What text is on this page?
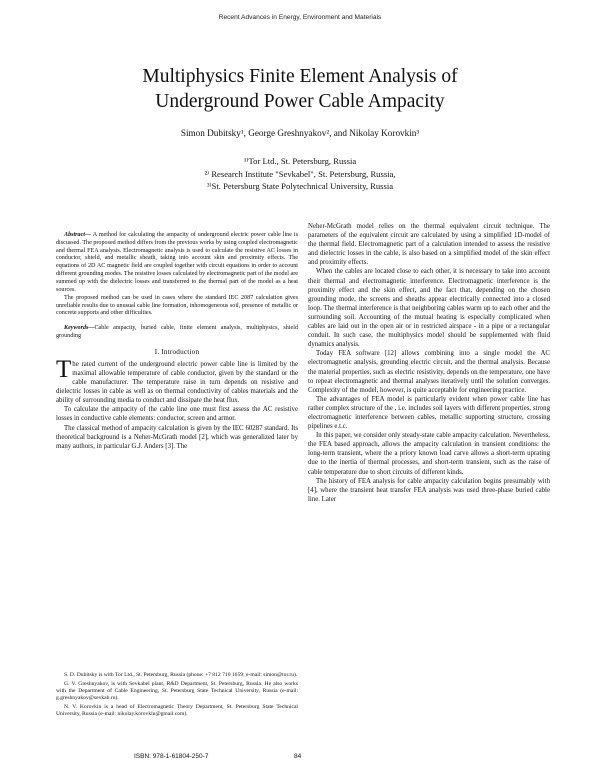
Recent Advances in Energy, Environment and Materials
Multiphysics Finite Element Analysis of
Underground Power Cable Ampacity
Simon Dubitsky¹, George Greshnyakov², and Nikolay Korovkin³
¹⁾Tor Ltd., St. Petersburg, Russia
²⁾ Research Institute "Sevkabel", St. Petersburg, Russia,
³⁾St. Petersburg State Polytechnical University, Russia

Abstract— A method for calculating the ampacity of underground electric power cable line is discussed. The proposed method differs from the previous works by using coupled electromagnetic and thermal FEA analysis. Electromagnetic analysis is used to calculate the resistive AC losses in conductor, shield, and metallic sheath, taking into account skin and proximity effects. The equations of 2D AC magnetic field are coupled together with circuit equations in order to account different grounding modes. The resistive losses calculated by electromagnetic part of the model are summed up with the dielectric losses and transferred to the thermal part of the model as a heat sources.

The proposed method can be used in cases where the standard IEC 2087 calculation gives unreliable results due to unusual cable line formation, inhomogeneous soil, presence of metallic or concrete supports and other difficulties.

Keywords—Cable ampacity, buried cable, finite element analysis, multiphysics, shield grounding
I. Introduction

The rated current of the underground electric power cable line is limited by the maximal allowable temperature of cable conductor, given by the standard or the cable manufacturer. The temperature raise in turn depends on resistive and dielectric losses in cable as well as on thermal conductivity of cables materials and the ability of surrounding media to conduct and dissipate the heat flux.

To calculate the ampacity of the cable line one must first assess the AC resistive losses in conductive cable elements: conductor, screen and armor.

The classical method of ampacity calculation is given by the IEC 60287 standard. Its theoretical background is a Neher-McGrath model [2], which was generalized later by many authors, in particular G.J. Anders [3]. The

S. D. Dubitsky is with Tor Ltd., St. Petersburg, Russia (phone: +7 812 710 1659; e-mail: simon@tor.ru).

G. V. Greshnyakov, is with Sevkabel plant, R&D Department, St. Petersburg, Russia. He also works with the Department of Cable Engineering, St. Petersburg State Technical University, Russia (e-mail: g.greshnyakov@sevkab.ru).

N. V. Korovkin is a head of Electromagnetic Theory Department, St. Petersburg State Technical University, Russia (e-mail: nikolay.korovkin@gmail.com).

Neher-McGrath model relies on the thermal equivalent circuit technique. The parameters of the equivalent circuit are calculated by using a simplified 1D-model of the thermal field. Electromagnetic part of a calculation intended to assess the resistive and dielectric losses in the cable, is also based on a simplified model of the skin effect and proximity effects.

When the cables are located close to each other, it is necessary to take into account their thermal and electromagnetic interference. Electromagnetic interference is the proximity effect and the skin effect, and the fact that, depending on the chosen grounding mode, the screens and sheaths appear electrically connected into a closed loop. The thermal interference is that neighboring cables warm up to each other and the surrounding soil. Accounting of the mutual heating is especially complicated when cables are laid out in the open air or in restricted airspace - in a pipe or a rectangular conduit. In such case, the multiphysics model should be supplemented with fluid dynamics analysis.

Today FEA software [12] allows combining into a single model the AC electromagnetic analysis, grounding electric circuit, and the thermal analysis. Because the material properties, such as electric resistivity, depends on the temperature, one have to repeat electromagnetic and thermal analyses iteratively until the solution converges. Complexity of the model, however, is quite acceptable for engineering practice.

The advantages of FEA model is particularly evident when power cable line has rather complex structure of the , i.e. includes soil layers with different properties, strong electromagnetic interference between cables, metallic supporting structure, crossing pipelines e.t.c.

In this paper, we consider only steady-state cable ampacity calculation. Nevertheless, the FEA based approach, allows the ampacity calculation in transient conditions: the long-term transient, where the a priory known load carve allows a short-term uprating due to the inertia of thermal processes, and short-term transient, such as the raise of cable temperature due to short circuits of different kinds.

The history of FEA analysis for cable ampacity calculation begins presumably with [4], where the transient heat transfer FEA analysis was used three-phase buried cable line. Later

ISBN: 978-1-61804-250-7	84
